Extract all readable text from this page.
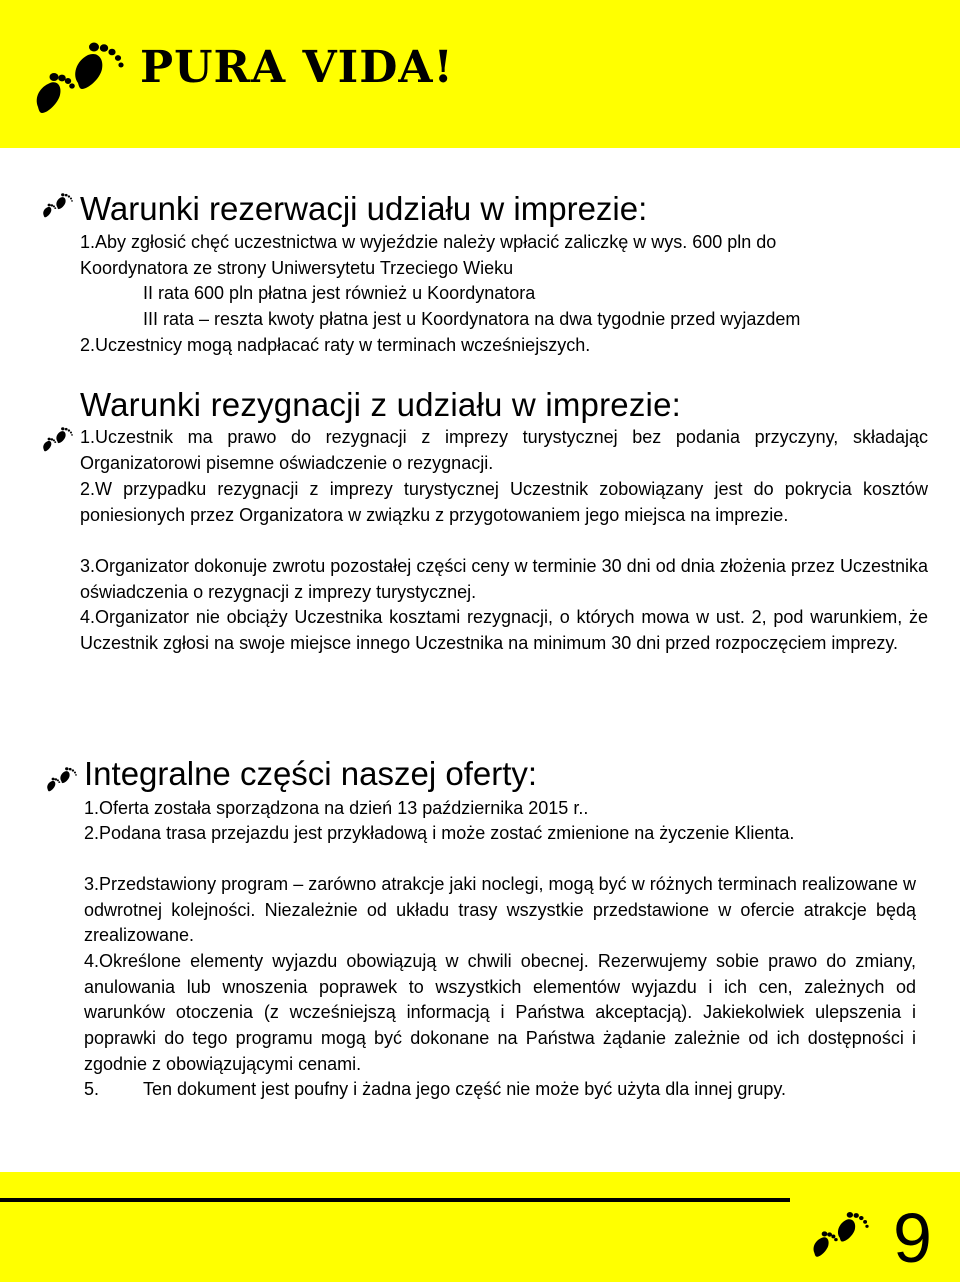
PURA VIDA!
Warunki rezerwacji udziału w imprezie:
1.Aby zgłosić chęć uczestnictwa w wyjeździe należy wpłacić zaliczkę w wys. 600 pln do
Koordynatora ze strony Uniwersytetu Trzeciego Wieku
II rata 600 pln płatna jest również u Koordynatora
III rata – reszta kwoty płatna jest u Koordynatora na dwa tygodnie przed wyjazdem
2.Uczestnicy mogą nadpłacać raty w terminach wcześniejszych.
Warunki rezygnacji z udziału w imprezie:
1.Uczestnik ma prawo do rezygnacji z imprezy turystycznej bez podania przyczyny, składając Organizatorowi pisemne oświadczenie o rezygnacji.
2.W przypadku rezygnacji z imprezy turystycznej Uczestnik zobowiązany jest do pokrycia kosztów poniesionych przez Organizatora w związku z przygotowaniem jego miejsca na imprezie.
3.Organizator dokonuje zwrotu pozostałej części ceny w terminie 30 dni od dnia złożenia przez Uczestnika oświadczenia o rezygnacji z imprezy turystycznej.
4.Organizator nie obciąży Uczestnika kosztami rezygnacji, o których mowa w ust. 2, pod warunkiem, że Uczestnik zgłosi na swoje miejsce innego Uczestnika na minimum 30 dni przed rozpoczęciem imprezy.
Integralne części naszej oferty:
1.Oferta została sporządzona na dzień 13 października 2015 r..
2.Podana trasa przejazdu jest przykładową i może zostać zmienione na życzenie Klienta.
3.Przedstawiony program – zarówno atrakcje jaki noclegi, mogą być w różnych terminach realizowane w odwrotnej kolejności. Niezależnie od układu trasy wszystkie przedstawione w ofercie atrakcje będą zrealizowane.
4.Określone elementy wyjazdu obowiązują w chwili obecnej. Rezerwujemy sobie prawo do zmiany, anulowania lub wnoszenia poprawek to wszystkich elementów wyjazdu i ich cen, zależnych od warunków otoczenia (z wcześniejszą informacją i Państwa akceptacją). Jakiekolwiek ulepszenia i poprawki do tego programu mogą być dokonane na Państwa żądanie zależnie od ich dostępności i zgodnie z obowiązującymi cenami.
5. Ten dokument jest poufny i żadna jego część nie może być użyta dla innej grupy.
9
